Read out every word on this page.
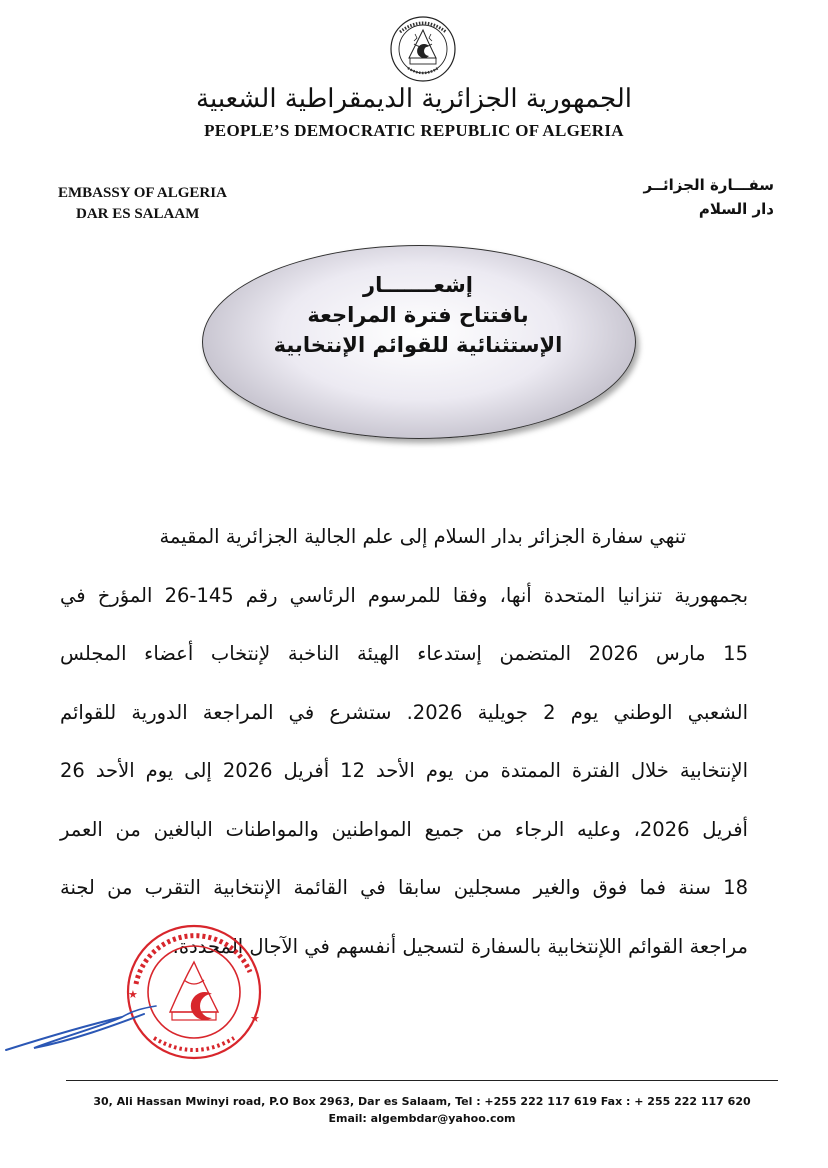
الجمهورية الجزائرية الديمقراطية الشعبية
PEOPLE’S DEMOCRATIC REPUBLIC OF ALGERIA
EMBASSY OF ALGERIA
DAR ES SALAAM
سفـــارة الجزائــر
دار السلام
إشعـــــــار
بافتتاح فترة المراجعة
الإستثنائية للقوائم الإنتخابية
تنهي سفارة الجزائر بدار السلام إلى علم الجالية الجزائرية المقيمة
بجمهورية تنزانيا المتحدة أنها، وفقا للمرسوم الرئاسي رقم 145-26 المؤرخ في
15 مارس 2026 المتضمن إستدعاء الهيئة الناخبة لإنتخاب أعضاء المجلس
الشعبي الوطني يوم 2 جويلية 2026. ستشرع في المراجعة الدورية للقوائم
الإنتخابية خلال الفترة الممتدة من يوم الأحد 12 أفريل 2026 إلى يوم الأحد 26
أفريل 2026، وعليه الرجاء من جميع المواطنين والمواطنات البالغين من العمر
18 سنة فما فوق والغير مسجلين سابقا في القائمة الإنتخابية التقرب من لجنة
مراجعة القوائم اللإنتخابية بالسفارة لتسجيل أنفسهم في الآجال المحددة.
★
★
30, Ali Hassan Mwinyi road, P.O Box 2963, Dar es Salaam, Tel : +255 222 117 619 Fax : + 255 222 117 620
Email: algembdar@yahoo.com
